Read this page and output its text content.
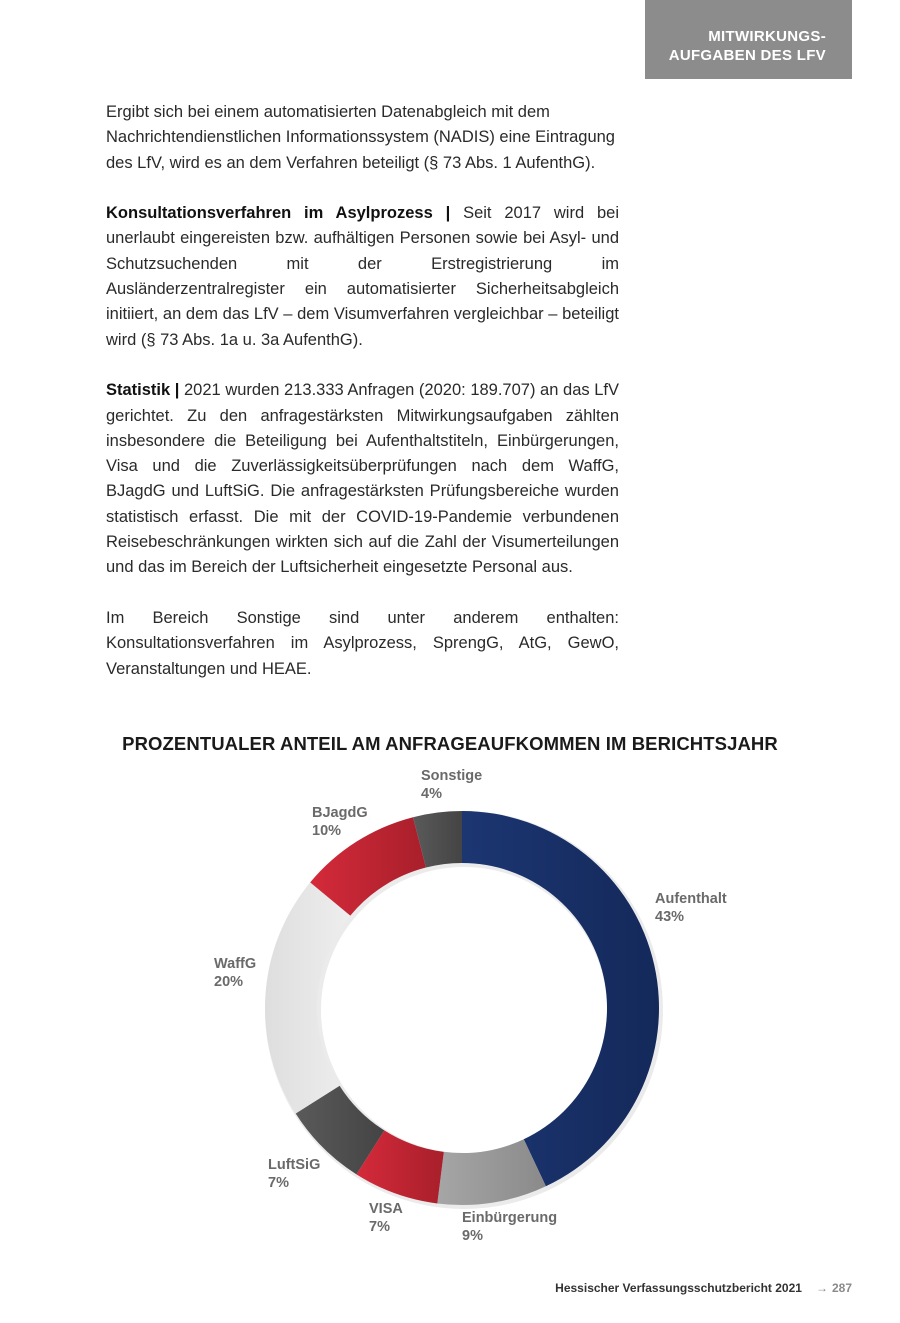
MITWIRKUNGS-
AUFGABEN DES LFV

Ergibt sich bei einem automatisierten Datenabgleich mit dem Nachrichtendienstlichen Informationssystem (NADIS) eine Eintragung des LfV, wird es an dem Verfahren beteiligt (§ 73 Abs. 1 AufenthG).

Konsultationsverfahren im Asylprozess | Seit 2017 wird bei unerlaubt eingereisten bzw. aufhältigen Personen sowie bei Asyl- und Schutzsuchenden mit der Erstregistrierung im Ausländerzentralregister ein automatisierter Sicherheitsabgleich initiiert, an dem das LfV – dem Visumverfahren vergleichbar – beteiligt wird (§ 73 Abs. 1a u. 3a AufenthG).

Statistik | 2021 wurden 213.333 Anfragen (2020: 189.707) an das LfV gerichtet. Zu den anfragestärksten Mitwirkungsaufgaben zählten insbesondere die Beteiligung bei Aufenthaltstiteln, Einbürgerungen, Visa und die Zuverlässigkeitsüberprüfungen nach dem WaffG, BJagdG und LuftSiG. Die anfragestärksten Prüfungsbereiche wurden statistisch erfasst. Die mit der COVID-19-Pandemie verbundenen Reisebeschränkungen wirkten sich auf die Zahl der Visumerteilungen und das im Bereich der Luftsicherheit eingesetzte Personal aus.

Im Bereich Sonstige sind unter anderem enthalten: Konsultationsverfahren im Asylprozess, SprengG, AtG, GewO, Veranstaltungen und HEAE.

PROZENTUALER ANTEIL AM ANFRAGEAUFKOMMEN IM BERICHTSJAHR
Aufenthalt
43%
Einbürgerung
9%
VISA
7%
LuftSiG
7%
WaffG
20%
BJagdG
10%
Sonstige
4%
Hessischer Verfassungsschutzbericht 2021 → 287
